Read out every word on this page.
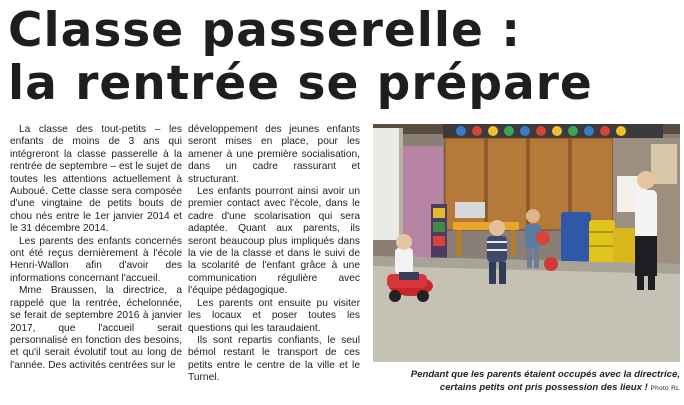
Classe passerelle :
la rentrée se prépare

La classe des tout-petits – les enfants de moins de 3 ans qui intégreront la classe passerelle à la rentrée de septembre – est le sujet de toutes les attentions actuellement à Auboué. Cette classe sera composée d'une vingtaine de petits bouts de chou nés entre le 1er janvier 2014 et le 31 décembre 2014.

Les parents des enfants concernés ont été reçus dernièrement à l'école Henri-Wallon afin d'avoir des informations concernant l'accueil.

Mme Braussen, la directrice, a rappelé que la rentrée, échelonnée, se ferait de septembre 2016 à janvier 2017, que l'accueil serait personnalisé en fonction des besoins, et qu'il serait évolutif tout au long de l'année. Des activités centrées sur le

développement des jeunes enfants seront mises en place, pour les amener à une première socialisation, dans un cadre rassurant et structurant.

Les enfants pourront ainsi avoir un premier contact avec l'école, dans le cadre d'une scolarisation qui sera adaptée. Quant aux parents, ils seront beaucoup plus impliqués dans la vie de la classe et dans le suivi de la scolarité de l'enfant grâce à une communication régulière avec l'équipe pédagogique.

Les parents ont ensuite pu visiter les locaux et poser toutes les questions qui les taraudaient.

Ils sont repartis confiants, le seul bémol restant le transport de ces petits entre le centre de la ville et le Turnel.	Pendant que les parents étaient occupés avec la directrice, certains petits ont pris possession des lieux ! Photo RL
